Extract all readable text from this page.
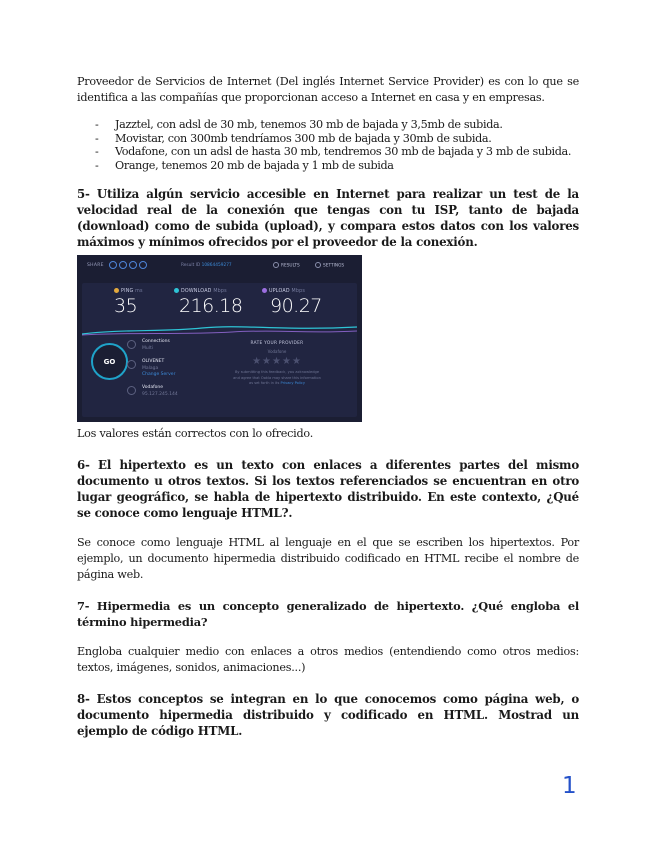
Proveedor de Servicios de Internet (Del inglés Internet Service Provider) es con lo que se identifica a las compañías que proporcionan acceso a Internet en casa y en empresas.

- Jazztel, con adsl de 30 mb, tenemos 30 mb de bajada y 3,5mb de subida.
- Movistar, con 300mb tendríamos 300 mb de bajada y 30mb de subida.
- Vodafone, con un adsl de hasta 30 mb, tendremos 30 mb de bajada y 3 mb de subida.
- Orange, tenemos 20 mb de bajada y 1 mb de subida

5- Utiliza algún servicio accesible en Internet para realizar un test de la velocidad real de la conexión que tengas con tu ISP, tanto de bajada (download) como de subida (upload), y compara estos datos con los valores máximos y mínimos ofrecidos por el proveedor de la conexión.

SHARE	Result ID 10864459277	RESULTS	SETTINGS
PING ms
35
DOWNLOAD Mbps
216.18
UPLOAD Mbps
90.27
GO
Connections
Multi
OLIVENET
Malaga
Change Server
Vodafone
95.127.245.144
RATE YOUR PROVIDER
Vodafone
★★★★★
By submitting this feedback, you acknowledge
and agree that Ookla may share this information
as set forth in its Privacy Policy

Los valores están correctos con lo ofrecido.

6- El hipertexto es un texto con enlaces a diferentes partes del mismo documento u otros textos. Si los textos referenciados se encuentran en otro lugar geográfico, se habla de hipertexto distribuido. En este contexto, ¿Qué se conoce como lenguaje HTML?.

Se conoce como lenguaje HTML al lenguaje en el que se escriben los hipertextos. Por ejemplo, un documento hipermedia distribuido codificado en HTML recibe el nombre de página web.

7- Hipermedia es un concepto generalizado de hipertexto. ¿Qué engloba el término hipermedia?

Engloba cualquier medio con enlaces a otros medios (entendiendo como otros medios: textos, imágenes, sonidos, animaciones...)

8- Estos conceptos se integran en lo que conocemos como página web, o documento hipermedia distribuido y codificado en HTML. Mostrad un ejemplo de código HTML.

1
